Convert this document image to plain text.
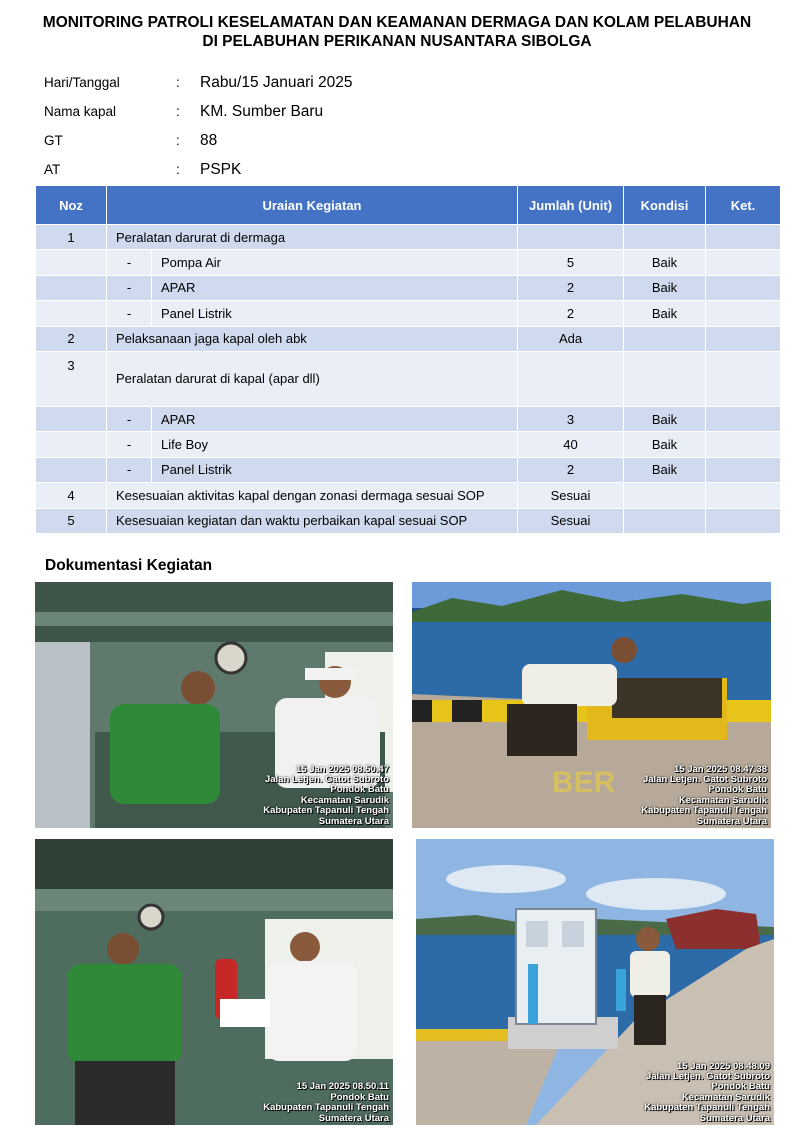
MONITORING PATROLI KESELAMATAN DAN KEAMANAN DERMAGA DAN KOLAM PELABUHAN
DI PELABUHAN PERIKANAN NUSANTARA SIBOLGA
Hari/Tanggal	:	Rabu/15 Januari 2025
Nama kapal	:	KM. Sumber Baru
GT	:	88
AT	:	PSPK
Noz	Uraian Kegiatan		Jumlah (Unit)	Kondisi	Ket.
1	Peralatan darurat di dermaga				
	-	Pompa Air	5	Baik	
	-	APAR	2	Baik	
	-	Panel Listrik	2	Baik	
2	Pelaksanaan jaga kapal oleh abk		Ada		
3	Peralatan darurat di kapal (apar dll)				
	-	APAR	3	Baik	
	-	Life Boy	40	Baik	
	-	Panel Listrik	2	Baik	
4	Kesesuaian aktivitas kapal dengan zonasi dermaga sesuai SOP		Sesuai		
5	Kesesuaian kegiatan dan waktu perbaikan kapal sesuai SOP		Sesuai		
Dokumentasi Kegiatan
15 Jan 2025 08.50.47
Jalan Letjen. Gatot Subroto
Pondok Batu
Kecamatan Sarudik
Kabupaten Tapanuli Tengah
Sumatera Utara
BER	15 Jan 2025 08.47.38
Jalan Letjen. Gatot Subroto
Pondok Batu
Kecamatan Sarudik
Kabupaten Tapanuli Tengah
Sumatera Utara
15 Jan 2025 08.50.11
Pondok Batu
Kabupaten Tapanuli Tengah
Sumatera Utara
15 Jan 2025 08.48.09
Jalan Letjen. Gatot Subroto
Pondok Batu
Kecamatan Sarudik
Kabupaten Tapanuli Tengah
Sumatera Utara
